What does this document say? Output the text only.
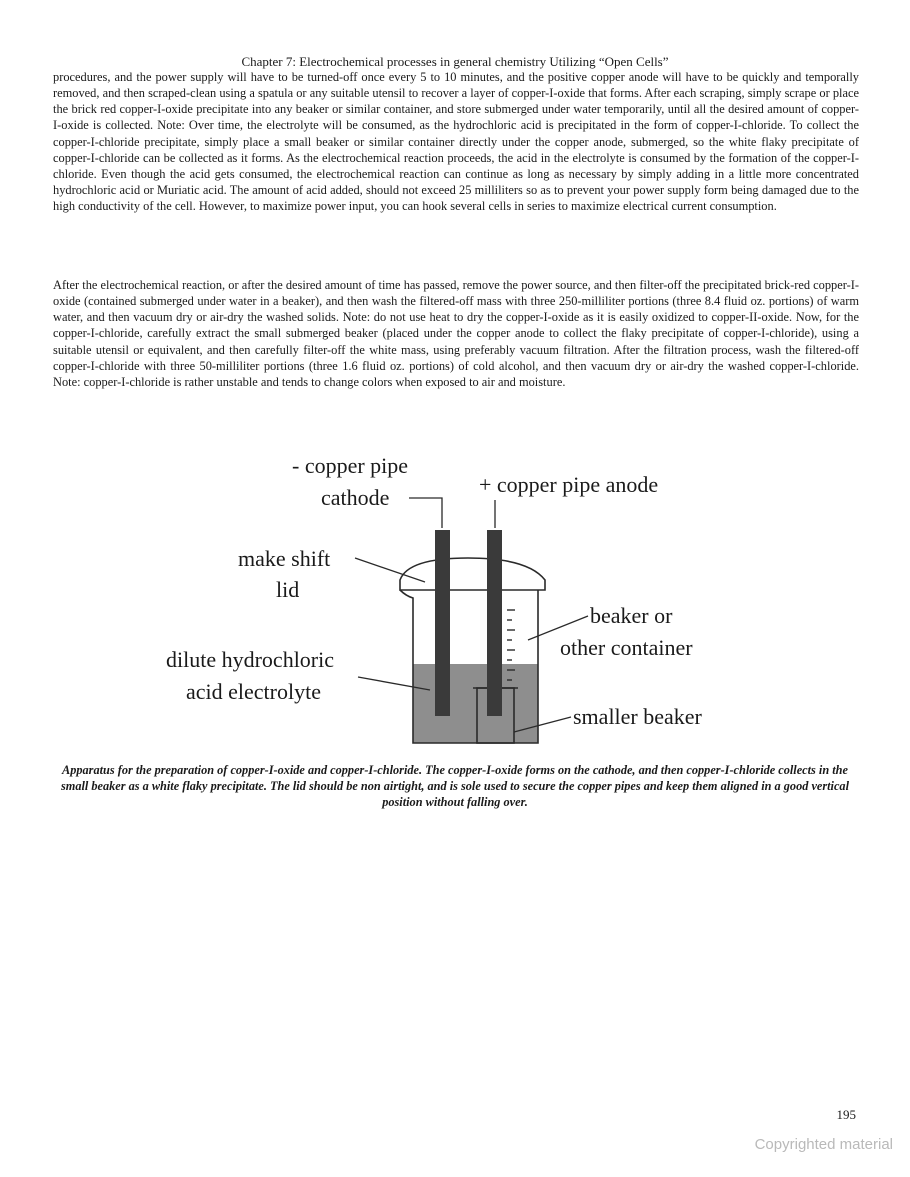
Chapter 7: Electrochemical processes in general chemistry Utilizing “Open Cells”

procedures, and the power supply will have to be turned-off once every 5 to 10 minutes, and the positive copper anode will have to be quickly and temporally removed, and then scraped-clean using a spatula or any suitable utensil to recover a layer of copper-I-oxide that forms. After each scraping, simply scrape or place the brick red copper-I-oxide precipitate into any beaker or similar container, and store submerged under water temporarily, until all the desired amount of copper-I-oxide is collected. Note: Over time, the electrolyte will be consumed, as the hydrochloric acid is precipitated in the form of copper-I-chloride. To collect the copper-I-chloride precipitate, simply place a small beaker or similar container directly under the copper anode, submerged, so the white flaky precipitate of copper-I-chloride can be collected as it forms. As the electrochemical reaction proceeds, the acid in the electrolyte is consumed by the formation of the copper-I-chloride. Even though the acid gets consumed, the electrochemical reaction can continue as long as necessary by simply adding in a little more concentrated hydrochloric acid or Muriatic acid. The amount of acid added, should not exceed 25 milliliters so as to prevent your power supply form being damaged due to the high conductivity of the cell. However, to maximize power input, you can hook several cells in series to maximize electrical current consumption.

After the electrochemical reaction, or after the desired amount of time has passed, remove the power source, and then filter-off the precipitated brick-red copper-I-oxide (contained submerged under water in a beaker), and then wash the filtered-off mass with three 250-milliliter portions (three 8.4 fluid oz. portions) of warm water, and then vacuum dry or air-dry the washed solids. Note: do not use heat to dry the copper-I-oxide as it is easily oxidized to copper-II-oxide. Now, for the copper-I-chloride, carefully extract the small submerged beaker (placed under the copper anode to collect the flaky precipitate of copper-I-chloride), using a suitable utensil or equivalent, and then carefully filter-off the white mass, using preferably vacuum filtration. After the filtration process, wash the filtered-off copper-I-chloride with three 50-milliliter portions (three 1.6 fluid oz. portions) of cold alcohol, and then vacuum dry or air-dry the washed copper-I-chloride. Note: copper-I-chloride is rather unstable and tends to change colors when exposed to air and moisture.

- copper pipe
cathode
+ copper pipe anode
make shift
lid
beaker or
other container
dilute hydrochloric
acid electrolyte
smaller beaker
Apparatus for the preparation of copper-I-oxide and copper-I-chloride. The copper-I-oxide forms on the cathode, and then copper-I-chloride collects in the small beaker as a white flaky precipitate. The lid should be non airtight, and is sole used to secure the copper pipes and keep them aligned in a good vertical position without falling over.
195
Copyrighted material
